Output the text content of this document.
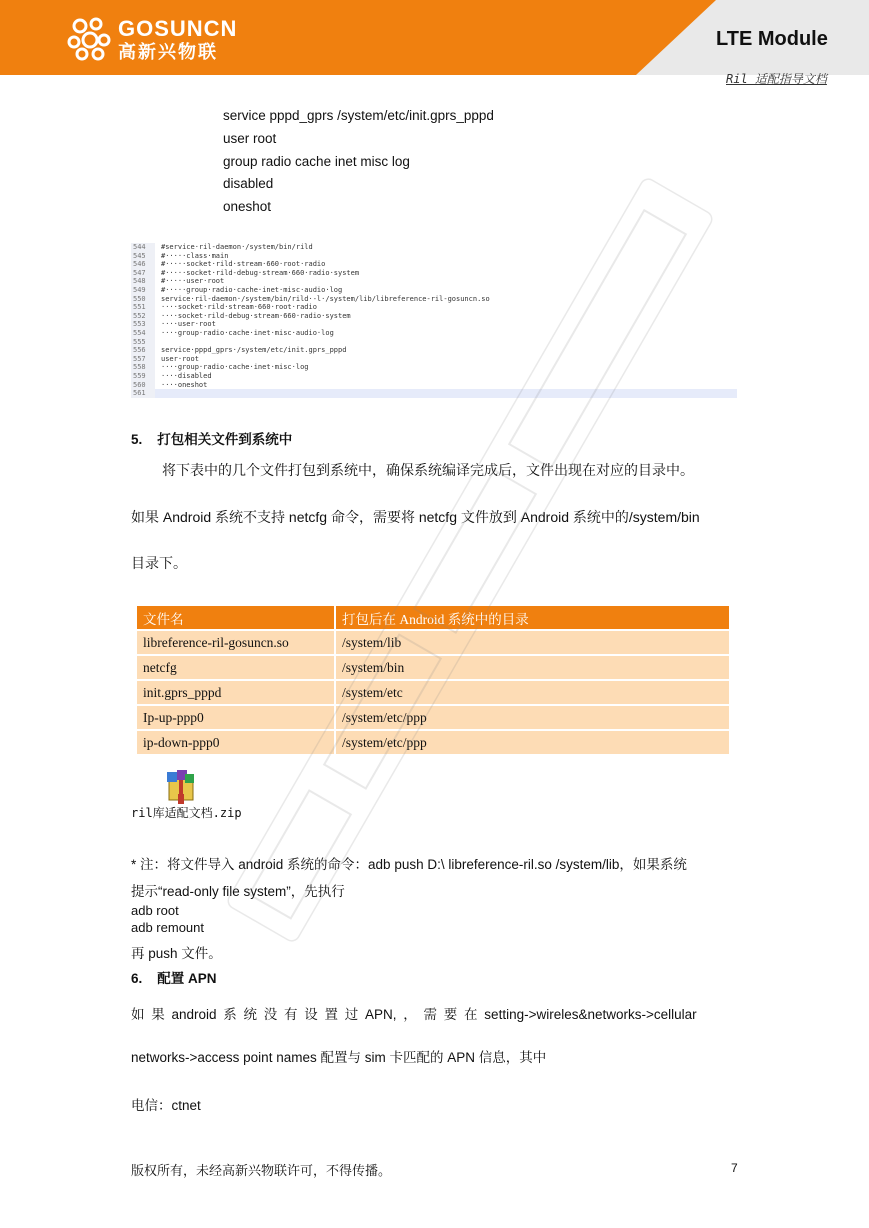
GOSUNCN
高新兴物联
LTE Module
Ril 适配指导文档
service pppd_gprs /system/etc/init.gprs_pppd
user root
group radio cache inet misc log
disabled
oneshot
544 #service·ril-daemon·/system/bin/rild
545 #·····class·main
546 #·····socket·rild·stream·660·root·radio
547 #·····socket·rild-debug·stream·660·radio·system
548 #·····user·root
549 #·····group·radio·cache·inet·misc·audio·log
550 service·ril-daemon·/system/bin/rild·-l·/system/lib/libreference-ril-gosuncn.so
551 ····socket·rild·stream·660·root·radio
552 ····socket·rild-debug·stream·660·radio·system
553 ····user·root
554 ····group·radio·cache·inet·misc·audio·log
555
556 service·pppd_gprs·/system/etc/init.gprs_pppd
557 user·root
558 ····group·radio·cache·inet·misc·log
559 ····disabled
560 ····oneshot
561
5.    打包相关文件到系统中
将下表中的几个文件打包到系统中，确保系统编译完成后，文件出现在对应的目录中。
如果 Android 系统不支持 netcfg 命令，需要将 netcfg 文件放到 Android 系统中的/system/bin
目录下。
文件名	打包后在 Android 系统中的目录
libreference-ril-gosuncn.so	/system/lib
netcfg	/system/bin
init.gprs_pppd	/system/etc
Ip-up-ppp0	/system/etc/ppp
ip-down-ppp0	/system/etc/ppp
ril库适配文档.zip
* 注：将文件导入 android 系统的命令：adb push D:\ libreference-ril.so /system/lib，如果系统
提示“read-only file system”，先执行
adb root
adb remount
再 push 文件。
6.    配置 APN
如 果 android 系 统 没 有 设 置 过 APN, ， 需 要 在 setting->wireles&networks->cellular
networks->access point names 配置与 sim 卡匹配的 APN 信息，其中
电信：ctnet
版权所有，未经高新兴物联许可，不得传播。	7
